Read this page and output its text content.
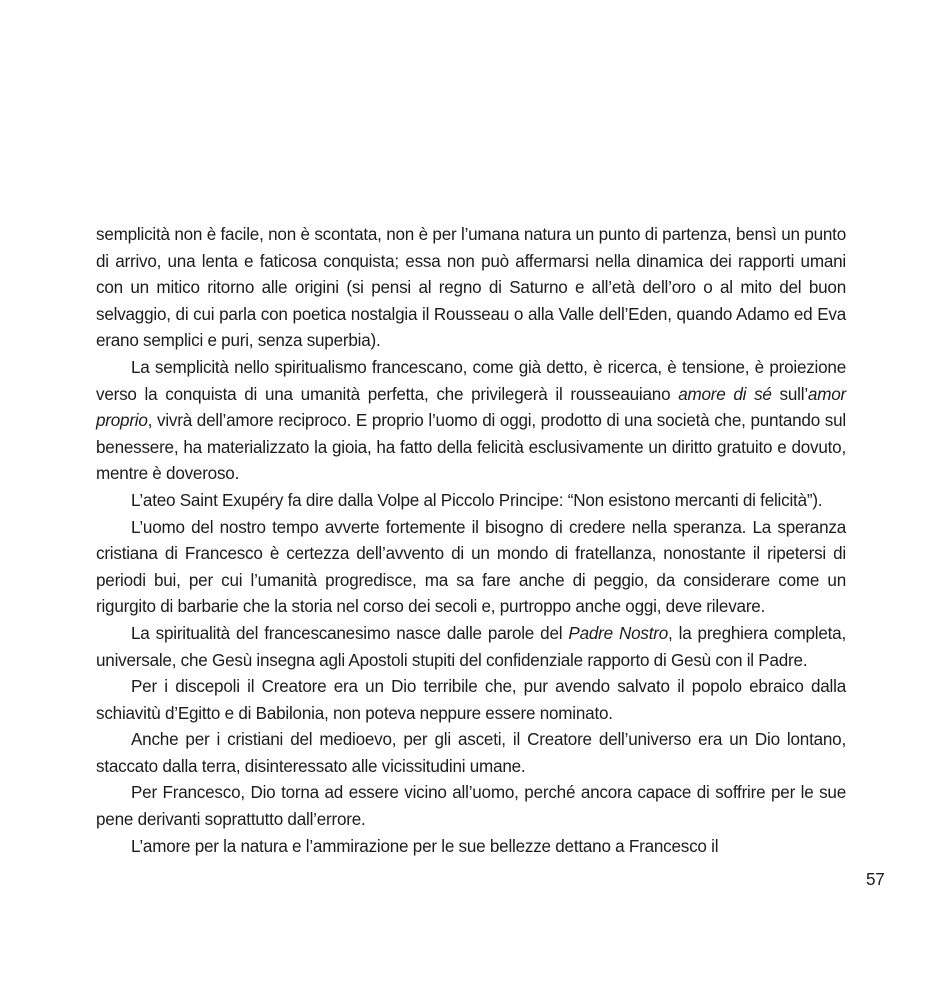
semplicità non è facile, non è scontata, non è per l’umana natura un punto di partenza, bensì un punto di arrivo, una lenta e faticosa conquista; essa non può affermarsi nella dinamica dei rapporti umani con un mitico ritorno alle origini (si pensi al regno di Saturno e all’età dell’oro o al mito del buon selvaggio, di cui parla con poetica nostalgia il Rousseau o alla Valle dell’Eden, quando Adamo ed Eva erano semplici e puri, senza superbia).

La semplicità nello spiritualismo francescano, come già detto, è ricerca, è tensione, è proiezione verso la conquista di una umanità perfetta, che privilegerà il rousseauiano amore di sé sull’amor proprio, vivrà dell’amore reciproco. E proprio l’uomo di oggi, prodotto di una società che, puntando sul benessere, ha materializzato la gioia, ha fatto della felicità esclusivamente un diritto gratuito e dovuto, mentre è doveroso.

L’ateo Saint Exupéry fa dire dalla Volpe al Piccolo Principe: “Non esistono mercanti di felicità”).

L’uomo del nostro tempo avverte fortemente il bisogno di credere nella speranza. La speranza cristiana di Francesco è certezza dell’avvento di un mondo di fratellanza, nonostante il ripetersi di periodi bui, per cui l’umanità progredisce, ma sa fare anche di peggio, da considerare come un rigurgito di barbarie che la storia nel corso dei secoli e, purtroppo anche oggi, deve rilevare.

La spiritualità del francescanesimo nasce dalle parole del Padre Nostro, la preghiera completa, universale, che Gesù insegna agli Apostoli stupiti del confidenziale rapporto di Gesù con il Padre.

Per i discepoli il Creatore era un Dio terribile che, pur avendo salvato il popolo ebraico dalla schiavitù d’Egitto e di Babilonia, non poteva neppure essere nominato.

Anche per i cristiani del medioevo, per gli asceti, il Creatore dell’universo era un Dio lontano, staccato dalla terra, disinteressato alle vicissitudini umane.

Per Francesco, Dio torna ad essere vicino all’uomo, perché ancora capace di soffrire per le sue pene derivanti soprattutto dall’errore.

L’amore per la natura e l’ammirazione per le sue bellezze dettano a Francesco il

57
